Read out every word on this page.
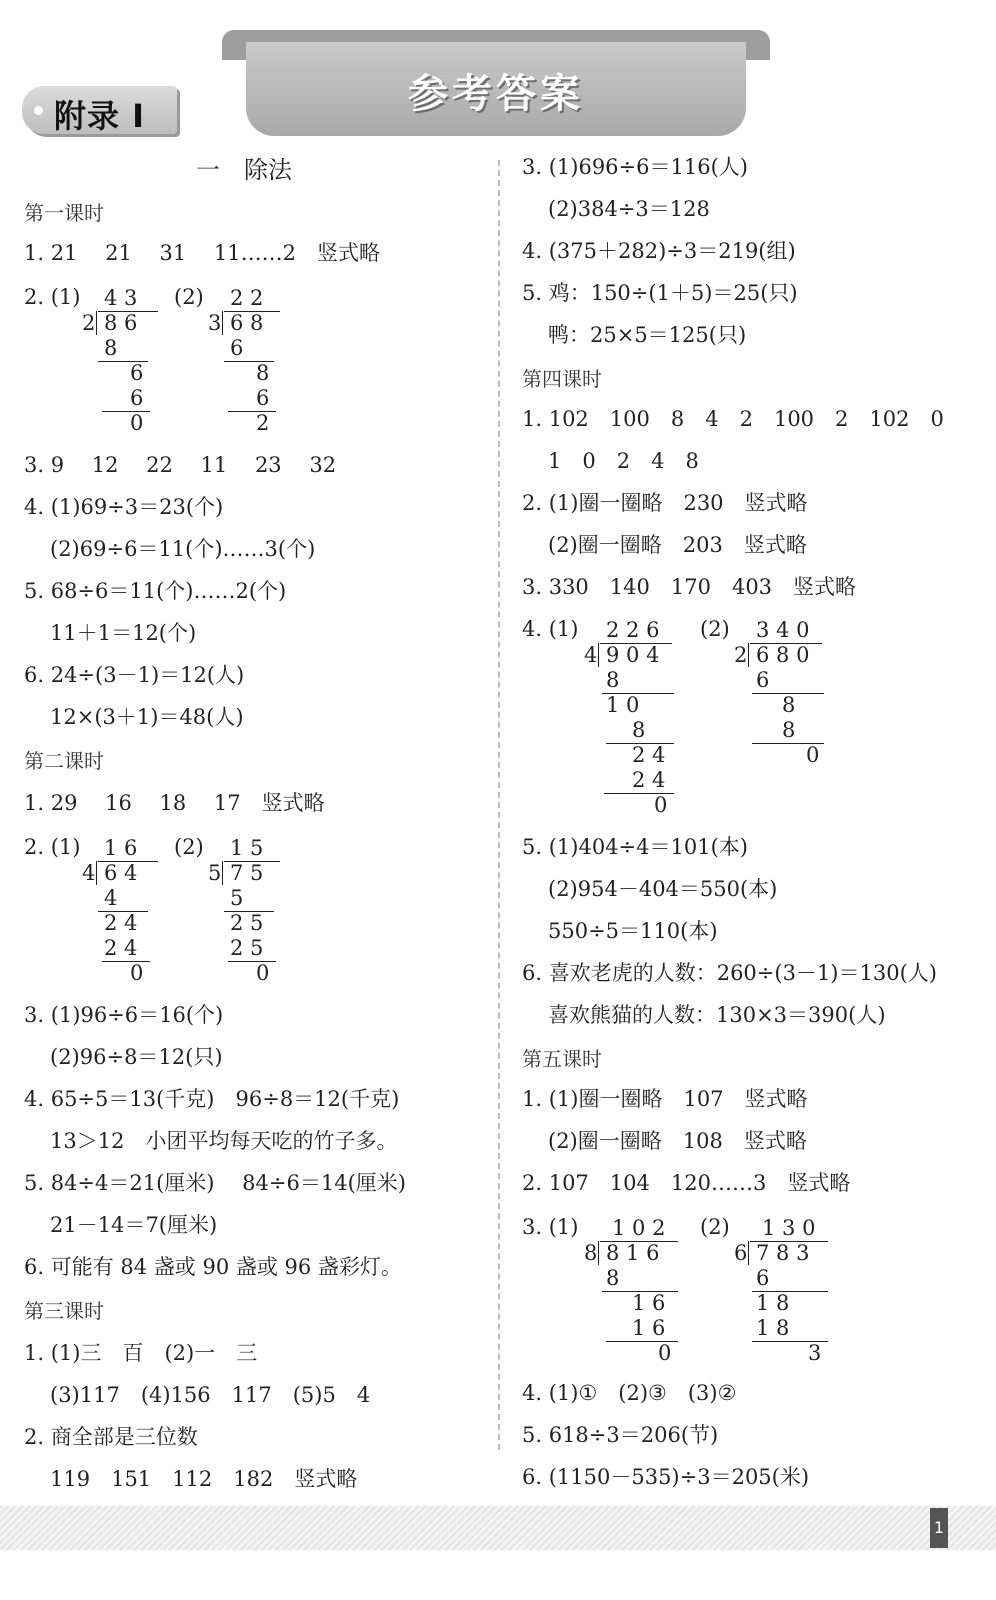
附录 I	参考答案
一　除法
第一课时
1. 21　 21　 31　 11……2　竖式略
2. (1)	(2)
4 3
2 8 6
8
6
6
0
2 2
3 6 8
6
8
6
2
3. 9　 12　 22　 11　 23　 32
4. (1)69÷3＝23(个)
(2)69÷6＝11(个)……3(个)
5. 68÷6＝11(个)……2(个)
11＋1＝12(个)
6. 24÷(3－1)＝12(人)
12×(3＋1)＝48(人)
第二课时
1. 29　 16　 18　 17　竖式略
2. (1)	(2)
1 6
4 6 4
4
2 4
2 4
0
1 5
5 7 5
5
2 5
2 5
0
3. (1)96÷6＝16(个)
(2)96÷8＝12(只)
4. 65÷5＝13(千克)　96÷8＝12(千克)
13＞12　小团平均每天吃的竹子多。
5. 84÷4＝21(厘米)　 84÷6＝14(厘米)
21－14＝7(厘米)
6. 可能有 84 盏或 90 盏或 96 盏彩灯。
第三课时
1. (1)三　百　(2)一　三
(3)117　(4)156　117　(5)5　4
2. 商全部是三位数
119　151　112　182　竖式略
3. (1)696÷6＝116(人)
(2)384÷3＝128
4. (375＋282)÷3＝219(组)
5. 鸡：150÷(1＋5)＝25(只)
鸭：25×5＝125(只)
第四课时
1. 102　100　8　4　2　100　2　102　0
1　0　2　4　8
2. (1)圈一圈略　230　竖式略
(2)圈一圈略　203　竖式略
3. 330　140　170　403　竖式略
4. (1)	(2)
2 2 6
4 9 0 4
8
1 0
8
2 4
2 4
0
3 4 0
2 6 8 0
6
8
8
0
5. (1)404÷4＝101(本)
(2)954－404＝550(本)
550÷5＝110(本)
6. 喜欢老虎的人数：260÷(3－1)＝130(人)
喜欢熊猫的人数：130×3＝390(人)
第五课时
1. (1)圈一圈略　107　竖式略
(2)圈一圈略　108　竖式略
2. 107　104　120……3　竖式略
3. (1)	(2)
1 0 2
8 8 1 6
8
1 6
1 6
0
1 3 0
6 7 8 3
6
1 8
1 8
3
4. (1)①　(2)③　(3)②
5. 618÷3＝206(节)
6. (1150－535)÷3＝205(米)
1
